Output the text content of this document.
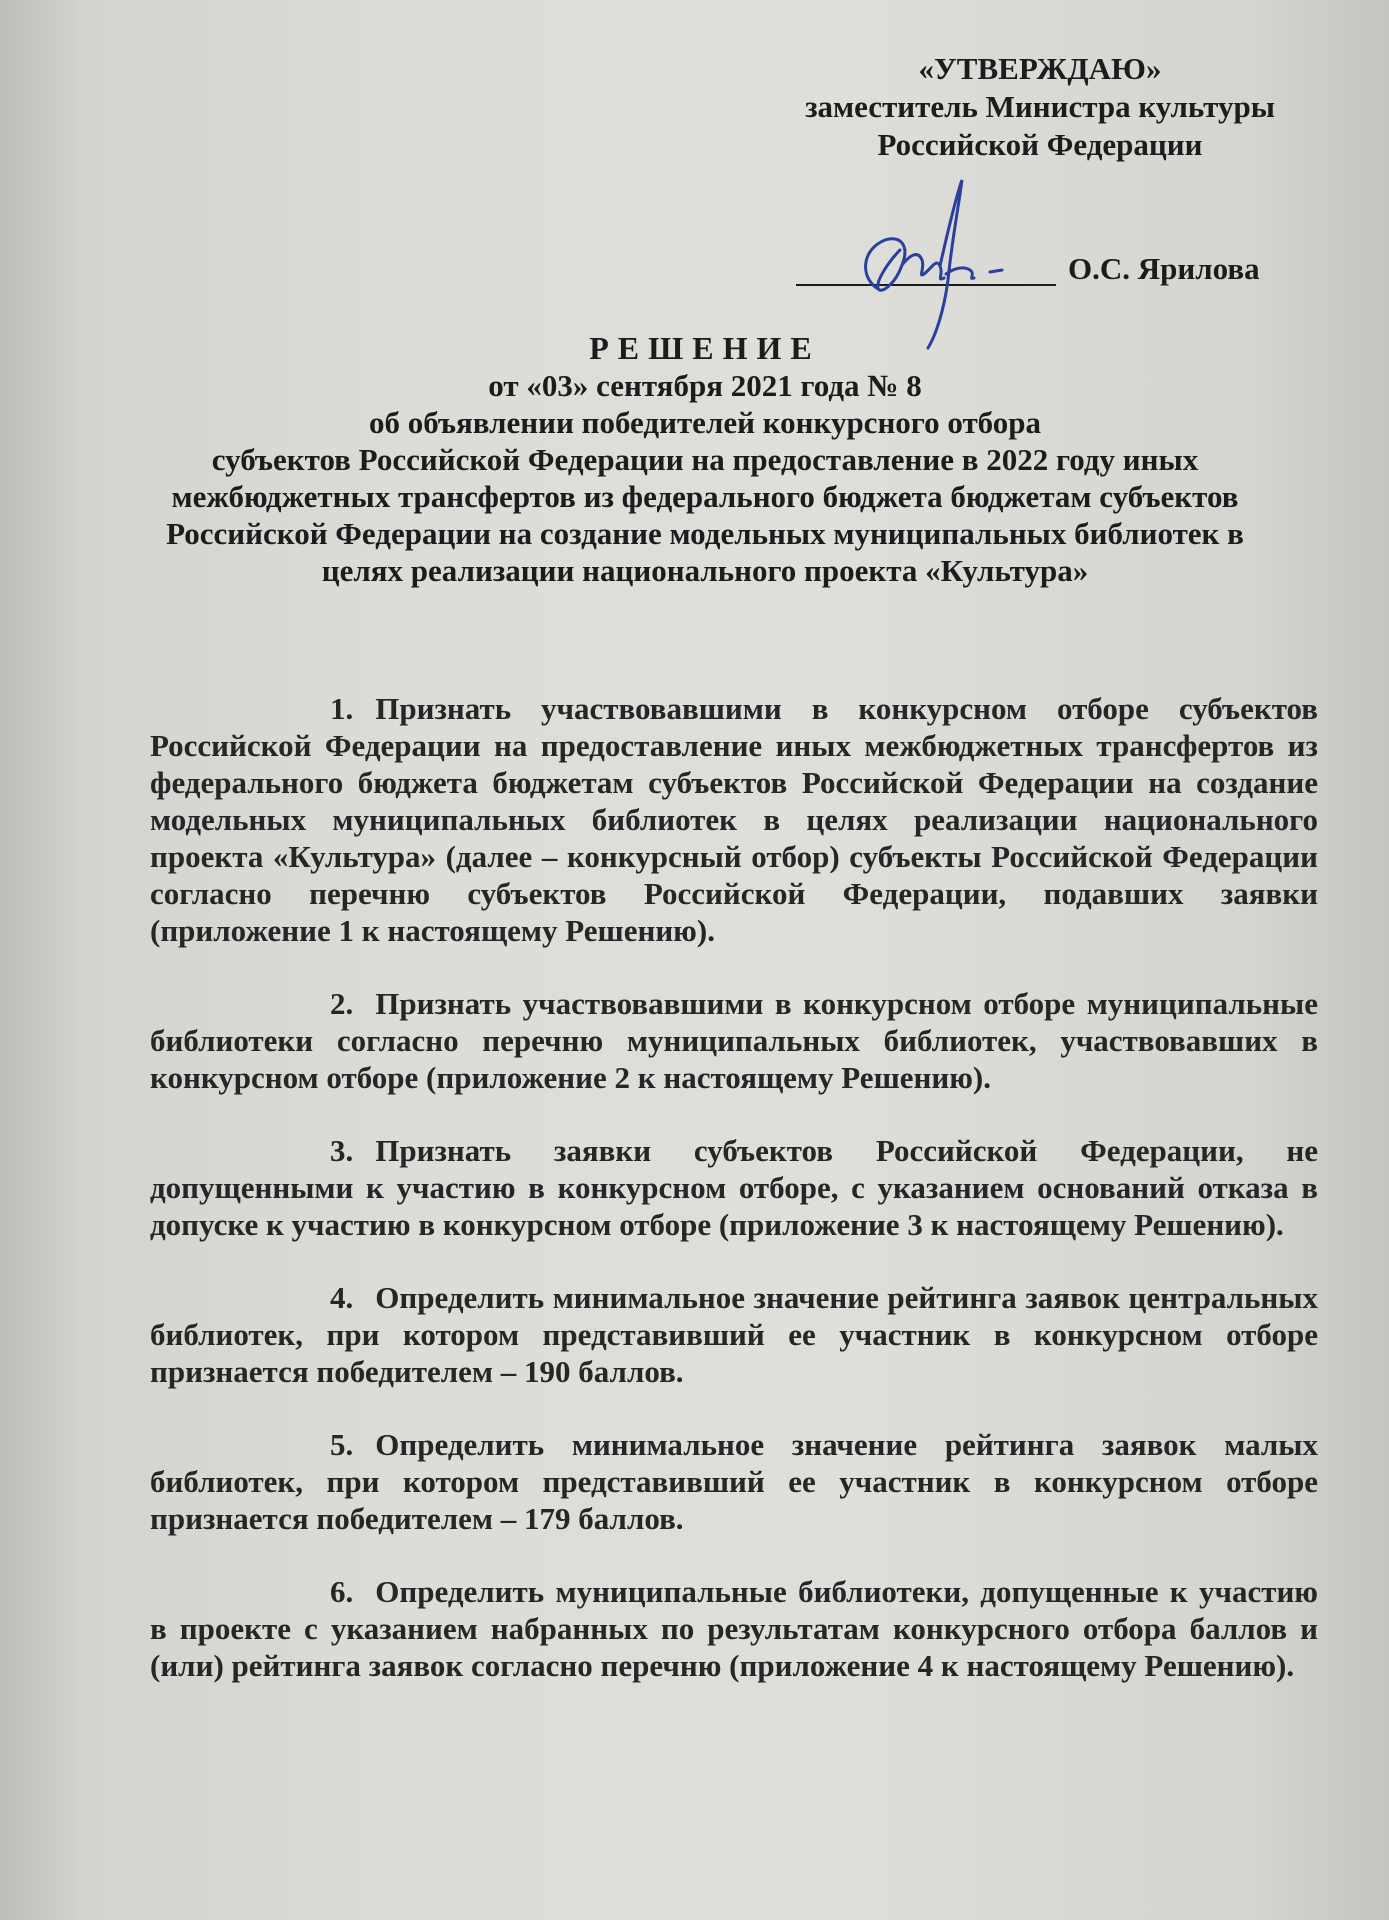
«УТВЕРЖДАЮ»
заместитель Министра культуры
Российской Федерации
О.С. Ярилова
РЕШЕНИЕ
от «03» сентября 2021 года № 8
об объявлении победителей конкурсного отбора
субъектов Российской Федерации на предоставление в 2022 году иных
межбюджетных трансфертов из федерального бюджета бюджетам субъектов
Российской Федерации на создание модельных муниципальных библиотек в
целях реализации национального проекта «Культура»

1. Признать участвовавшими в конкурсном отборе субъектов Российской Федерации на предоставление иных межбюджетных трансфертов из федерального бюджета бюджетам субъектов Российской Федерации на создание модельных муниципальных библиотек в целях реализации национального проекта «Культура» (далее – конкурсный отбор) субъекты Российской Федерации согласно перечню субъектов Российской Федерации, подавших заявки (приложение 1 к настоящему Решению).

2. Признать участвовавшими в конкурсном отборе муниципальные библиотеки согласно перечню муниципальных библиотек, участвовавших в конкурсном отборе (приложение 2 к настоящему Решению).

3. Признать заявки субъектов Российской Федерации, не допущенными к участию в конкурсном отборе, с указанием оснований отказа в допуске к участию в конкурсном отборе (приложение 3 к настоящему Решению).

4. Определить минимальное значение рейтинга заявок центральных библиотек, при котором представивший ее участник в конкурсном отборе признается победителем – 190 баллов.

5. Определить минимальное значение рейтинга заявок малых библиотек, при котором представивший ее участник в конкурсном отборе признается победителем – 179 баллов.

6. Определить муниципальные библиотеки, допущенные к участию в проекте с указанием набранных по результатам конкурсного отбора баллов и (или) рейтинга заявок согласно перечню (приложение 4 к настоящему Решению).
